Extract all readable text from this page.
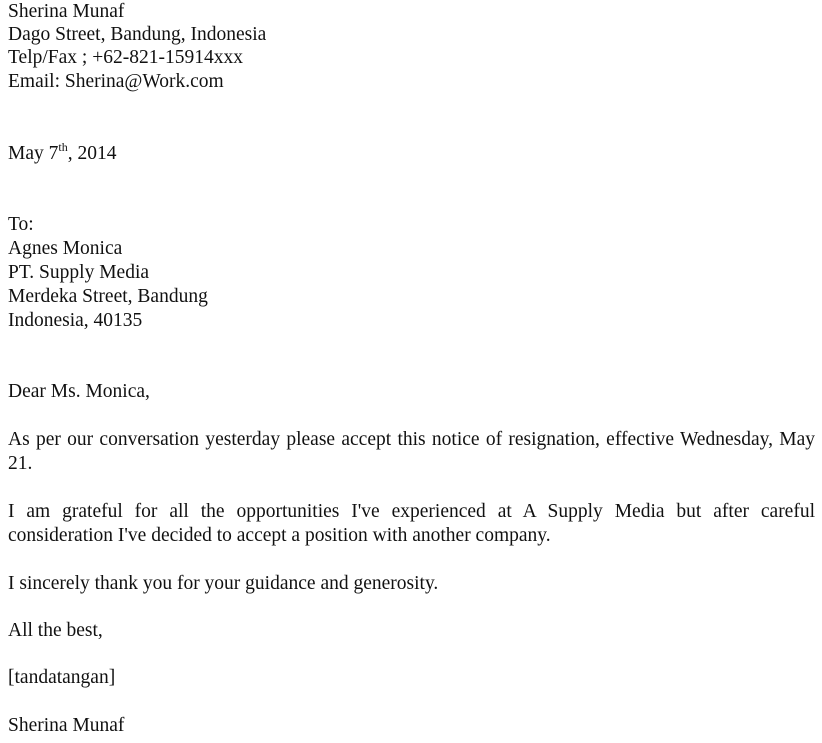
Sherina Munaf
Dago Street, Bandung, Indonesia
Telp/Fax ; +62-821-15914xxx
Email: Sherina@Work.com
May 7th, 2014
To:
Agnes Monica
PT. Supply Media
Merdeka Street, Bandung
Indonesia, 40135
Dear Ms. Monica,
As per our conversation yesterday please accept this notice of resignation, effective Wednesday, May 21.
I am grateful for all the opportunities I've experienced at A Supply Media but after careful consideration I've decided to accept a position with another company.
I sincerely thank you for your guidance and generosity.
All the best,
[tandatangan]
Sherina Munaf
